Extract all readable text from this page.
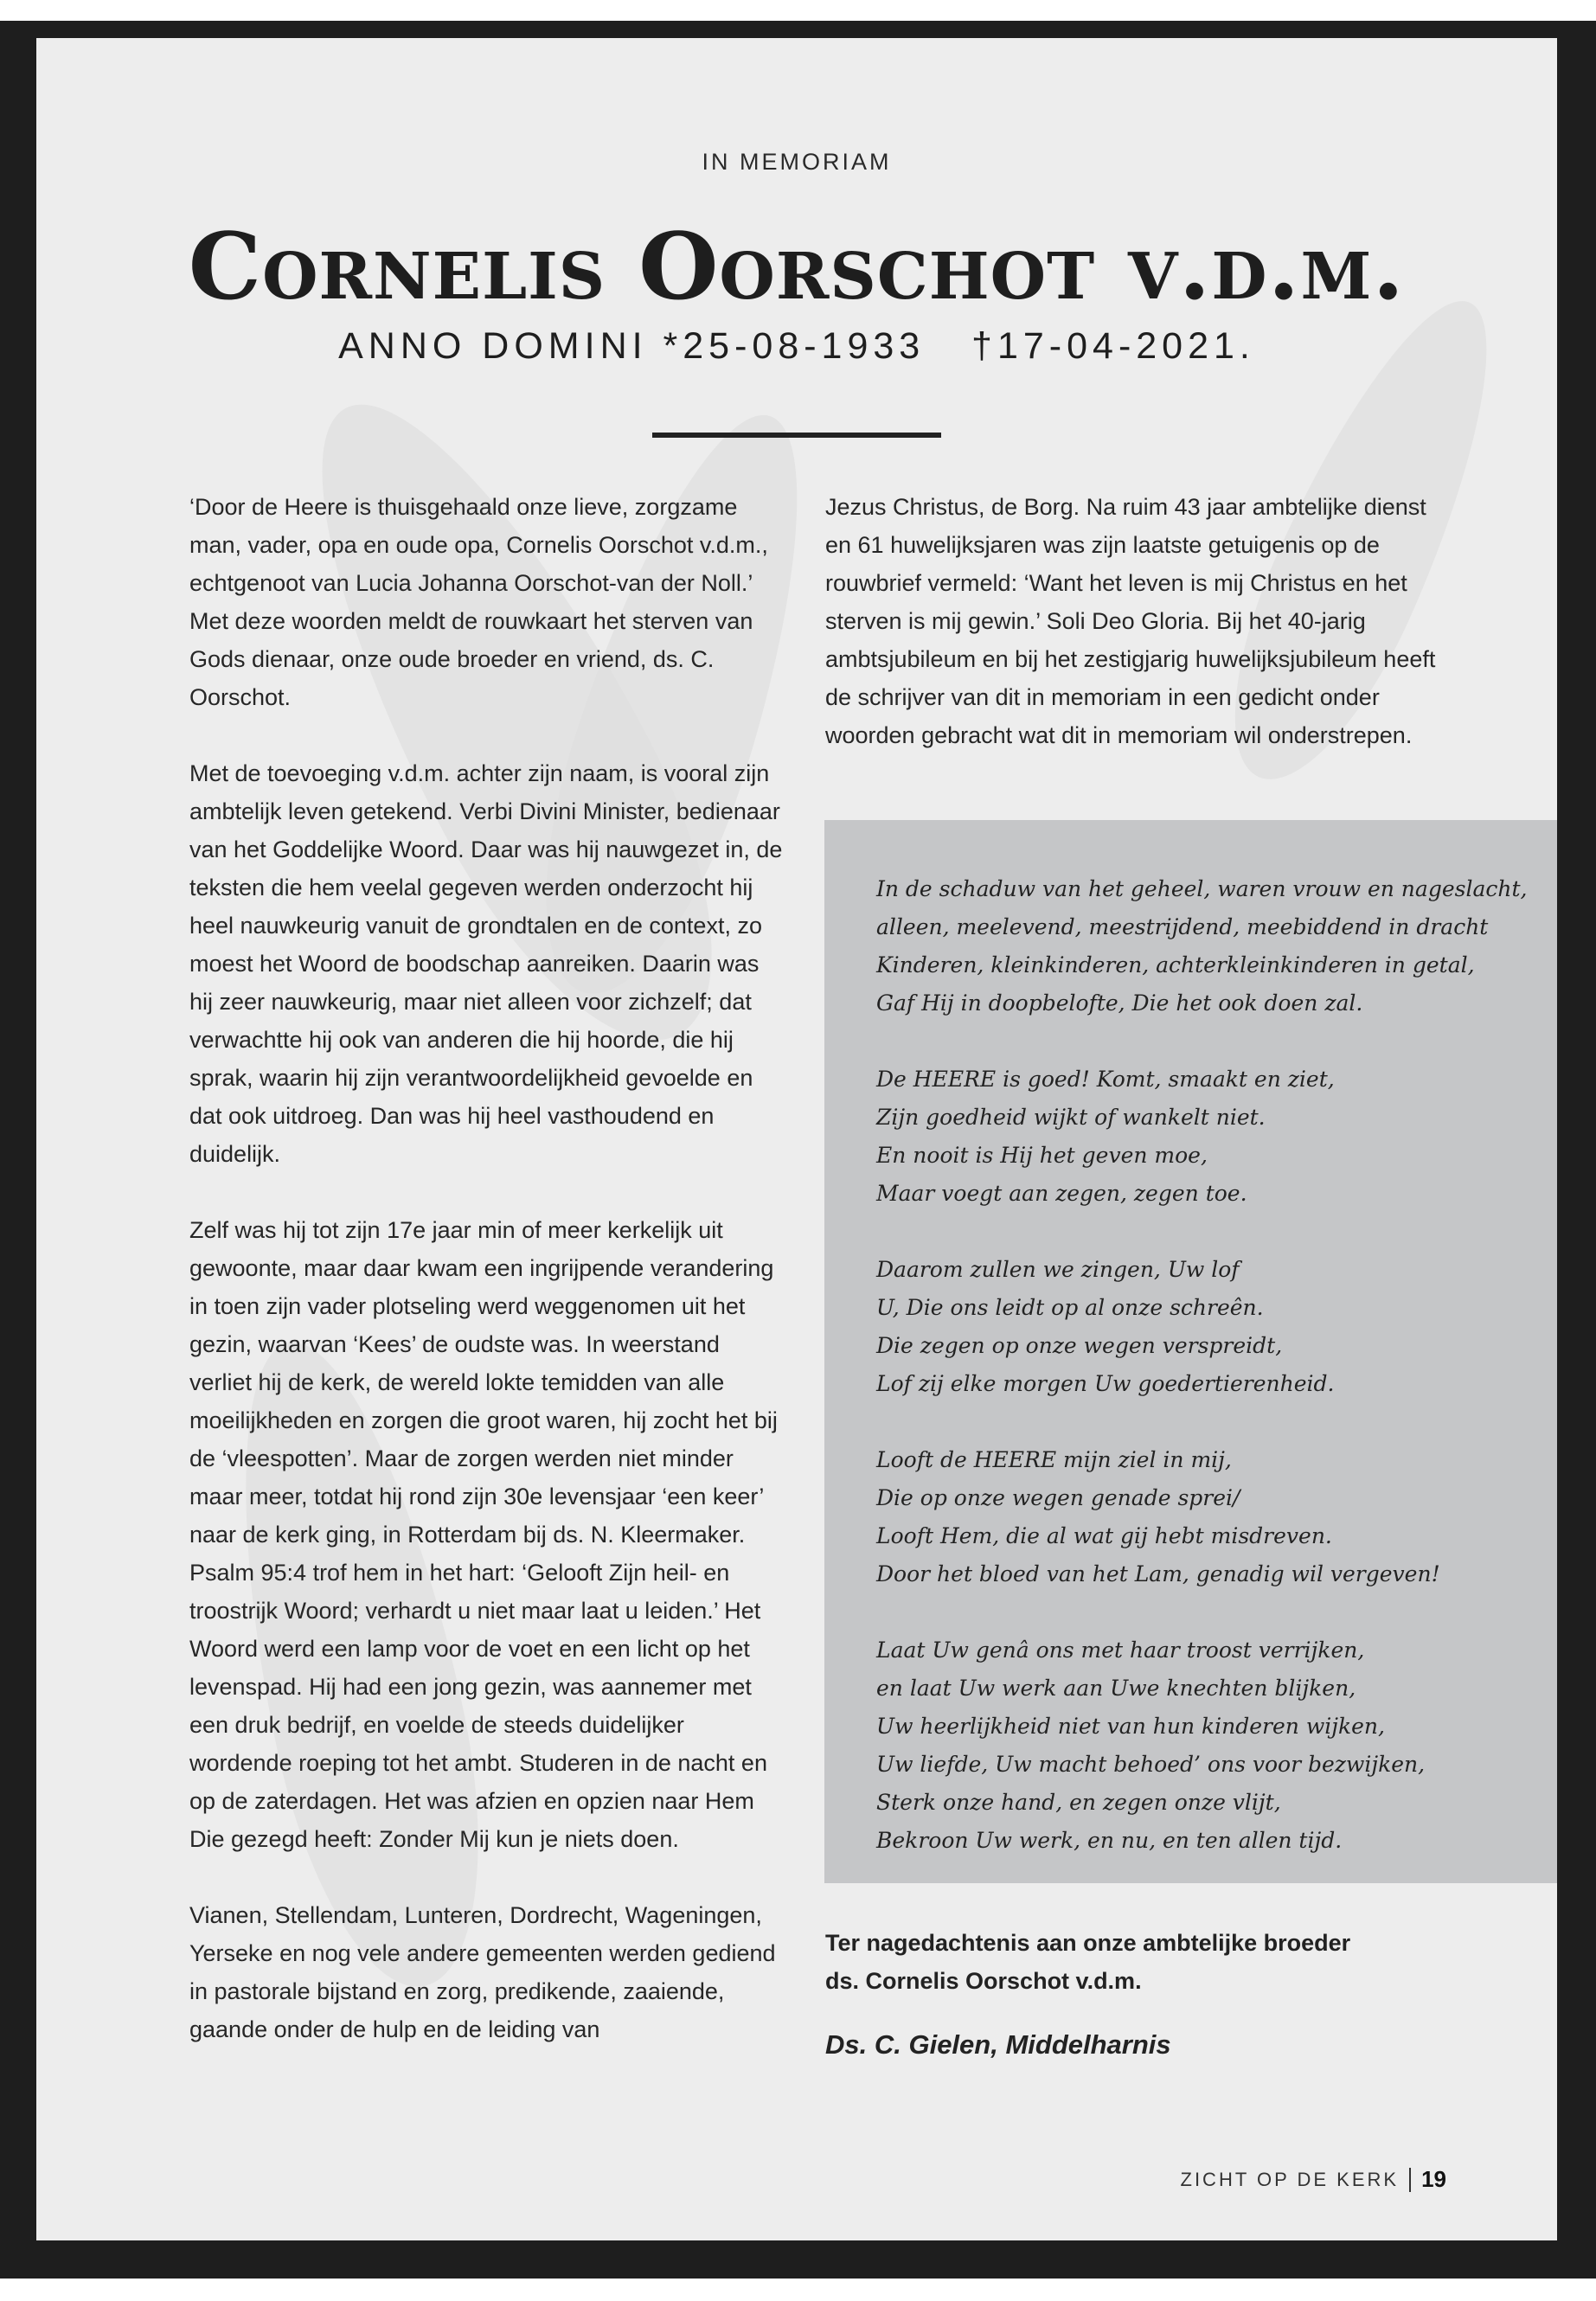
IN MEMORIAM
Cornelis Oorschot v.d.m.
ANNO DOMINI *25-08-1933   †17-04-2021.

‘Door de Heere is thuisgehaald onze lieve, zorgzame man, vader, opa en oude opa, Cornelis Oorschot v.d.m., echtgenoot van Lucia Johanna Oorschot-van der Noll.’ Met deze woorden meldt de rouwkaart het sterven van Gods dienaar, onze oude broeder en vriend, ds. C. Oorschot.

Met de toevoeging v.d.m. achter zijn naam, is vooral zijn ambtelijk leven getekend. Verbi Divini Minister, bedienaar van het Goddelijke Woord. Daar was hij nauwgezet in, de teksten die hem veelal gegeven werden onderzocht hij heel nauwkeurig vanuit de grondtalen en de context, zo moest het Woord de boodschap aanreiken. Daarin was hij zeer nauwkeurig, maar niet alleen voor zichzelf; dat verwachtte hij ook van anderen die hij hoorde, die hij sprak, waarin hij zijn verantwoordelijkheid gevoelde en dat ook uitdroeg. Dan was hij heel vasthoudend en duidelijk.

Zelf was hij tot zijn 17e jaar min of meer kerkelijk uit gewoonte, maar daar kwam een ingrijpende verandering in toen zijn vader plotseling werd weggenomen uit het gezin, waarvan ‘Kees’ de oudste was. In weerstand verliet hij de kerk, de wereld lokte temidden van alle moeilijkheden en zorgen die groot waren, hij zocht het bij de ‘vleespotten’. Maar de zorgen werden niet minder maar meer, totdat hij rond zijn 30e levensjaar ‘een keer’ naar de kerk ging, in Rotterdam bij ds. N. Kleermaker. Psalm 95:4 trof hem in het hart: ‘Gelooft Zijn heil- en troostrijk Woord; verhardt u niet maar laat u leiden.’ Het Woord werd een lamp voor de voet en een licht op het levenspad. Hij had een jong gezin, was aannemer met een druk bedrijf, en voelde de steeds duidelijker wordende roeping tot het ambt. Studeren in de nacht en op de zaterdagen. Het was afzien en opzien naar Hem Die gezegd heeft: Zonder Mij kun je niets doen.

Vianen, Stellendam, Lunteren, Dordrecht, Wageningen, Yerseke en nog vele andere gemeenten werden gediend in pastorale bijstand en zorg, predikende, zaaiende, gaande onder de hulp en de leiding van

Jezus Christus, de Borg. Na ruim 43 jaar ambtelijke dienst en 61 huwelijksjaren was zijn laatste getuigenis op de rouwbrief vermeld: ‘Want het leven is mij Christus en het sterven is mij gewin.’ Soli Deo Gloria. Bij het 40-jarig ambtsjubileum en bij het zestigjarig huwelijksjubileum heeft de schrijver van dit in memoriam in een gedicht onder woorden gebracht wat dit in memoriam wil onderstrepen.

In de schaduw van het geheel, waren vrouw en nageslacht,
alleen, meelevend, meestrijdend, meebiddend in dracht
Kinderen, kleinkinderen, achterkleinkinderen in getal,
Gaf Hij in doopbelofte, Die het ook doen zal.
De HEERE is goed! Komt, smaakt en ziet,
Zijn goedheid wijkt of wankelt niet.
En nooit is Hij het geven moe,
Maar voegt aan zegen, zegen toe.
Daarom zullen we zingen, Uw lof
U, Die ons leidt op al onze schreên.
Die zegen op onze wegen verspreidt,
Lof zij elke morgen Uw goedertierenheid.
Looft de HEERE mijn ziel in mij,
Die op onze wegen genade sprei/
Looft Hem, die al wat gij hebt misdreven.
Door het bloed van het Lam, genadig wil vergeven!
Laat Uw genâ ons met haar troost verrijken,
en laat Uw werk aan Uwe knechten blijken,
Uw heerlijkheid niet van hun kinderen wijken,
Uw liefde, Uw macht behoed’ ons voor bezwijken,
Sterk onze hand, en zegen onze vlijt,
Bekroon Uw werk, en nu, en ten allen tijd.
Ter nagedachtenis aan onze ambtelijke broeder
ds. Cornelis Oorschot v.d.m.
Ds. C. Gielen, Middelharnis
ZICHT OP DE KERK 19
